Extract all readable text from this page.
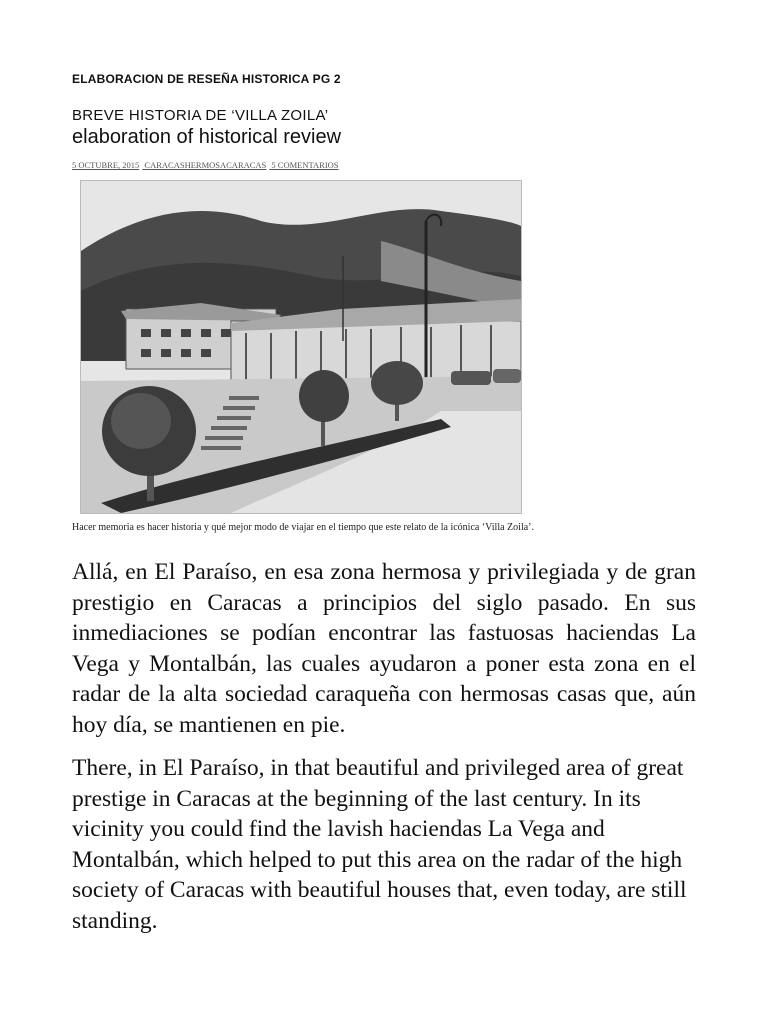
ELABORACION DE RESEÑA HISTORICA PG 2
BREVE HISTORIA DE ‘VILLA ZOILA’
elaboration of historical review
5 OCTUBRE, 2015 CARACASHERMOSACARACAS 5 COMENTARIOS
Hacer memoria es hacer historia y qué mejor modo de viajar en el tiempo que este relato de la icónica ‘Villa Zoila’.

Allá, en El Paraíso, en esa zona hermosa y privilegiada y de gran prestigio en Caracas a principios del siglo pasado. En sus inmediaciones se podían encontrar las fastuosas haciendas La Vega y Montalbán, las cuales ayudaron a poner esta zona en el radar de la alta sociedad caraqueña con hermosas casas que, aún hoy día, se mantienen en pie.

There, in El Paraíso, in that beautiful and privileged area of great prestige in Caracas at the beginning of the last century. In its vicinity you could find the lavish haciendas La Vega and Montalbán, which helped to put this area on the radar of the high society of Caracas with beautiful houses that, even today, are still standing.
